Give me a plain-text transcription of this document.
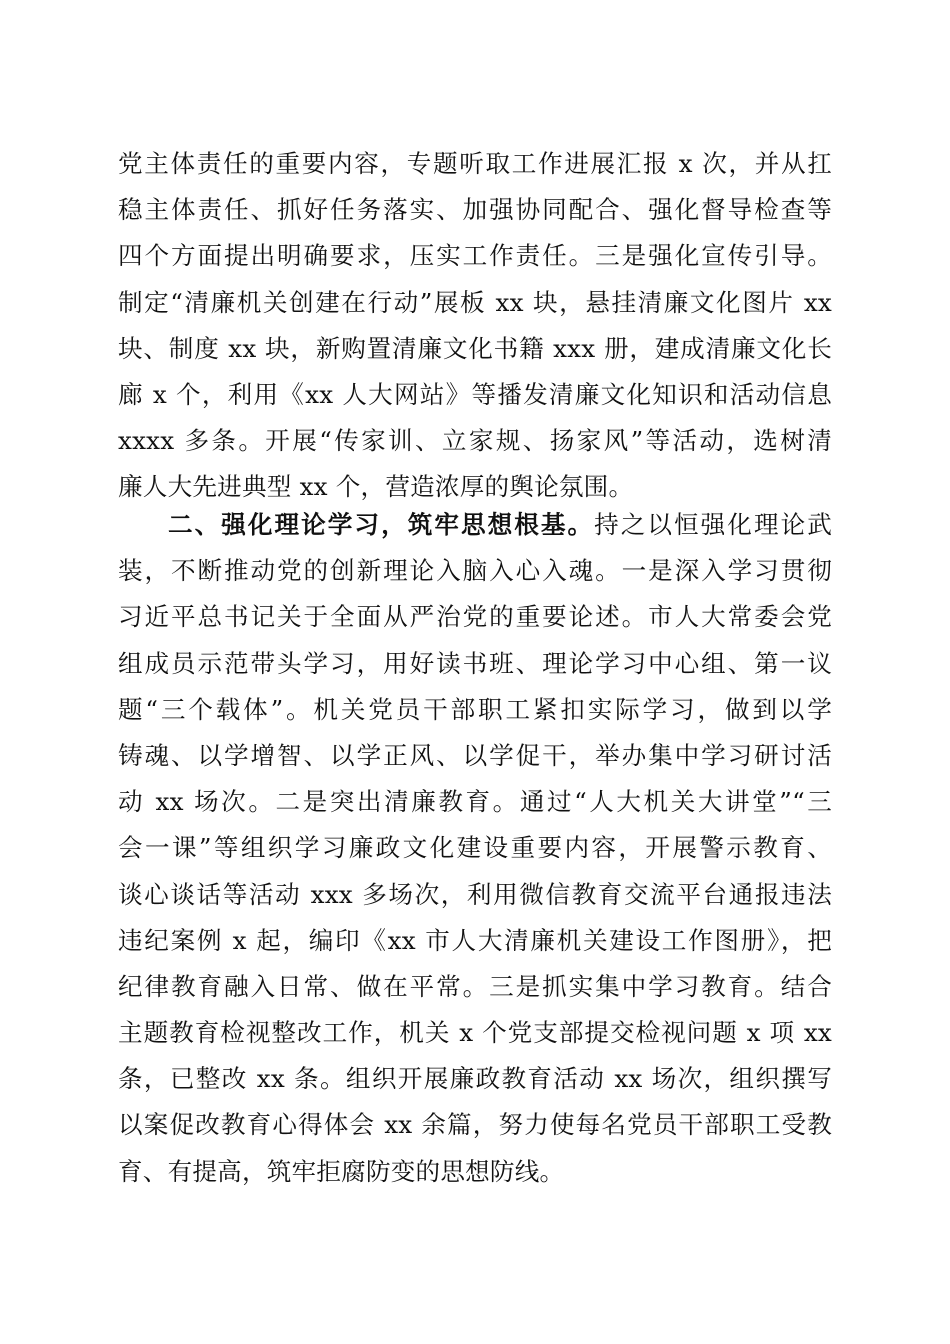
党主体责任的重要内容，专题听取工作进展汇报 x 次，并从扛
稳主体责任、抓好任务落实、加强协同配合、强化督导检查等
四个方面提出明确要求，压实工作责任。三是强化宣传引导。
制定“清廉机关创建在行动”展板 xx 块，悬挂清廉文化图片 xx
块、制度 xx 块，新购置清廉文化书籍 xxx 册，建成清廉文化长
廊 x 个，利用《xx 人大网站》等播发清廉文化知识和活动信息
xxxx 多条。开展“传家训、立家规、扬家风”等活动，选树清
廉人大先进典型 xx 个，营造浓厚的舆论氛围。
二、强化理论学习，筑牢思想根基。持之以恒强化理论武
装，不断推动党的创新理论入脑入心入魂。一是深入学习贯彻
习近平总书记关于全面从严治党的重要论述。市人大常委会党
组成员示范带头学习，用好读书班、理论学习中心组、第一议
题“三个载体”。机关党员干部职工紧扣实际学习，做到以学
铸魂、以学增智、以学正风、以学促干，举办集中学习研讨活
动 xx 场次。二是突出清廉教育。通过“人大机关大讲堂”“三
会一课”等组织学习廉政文化建设重要内容，开展警示教育、
谈心谈话等活动 xxx 多场次，利用微信教育交流平台通报违法
违纪案例 x 起，编印《xx 市人大清廉机关建设工作图册》，把
纪律教育融入日常、做在平常。三是抓实集中学习教育。结合
主题教育检视整改工作，机关 x 个党支部提交检视问题 x 项 xx
条，已整改 xx 条。组织开展廉政教育活动 xx 场次，组织撰写
以案促改教育心得体会 xx 余篇，努力使每名党员干部职工受教
育、有提高，筑牢拒腐防变的思想防线。
